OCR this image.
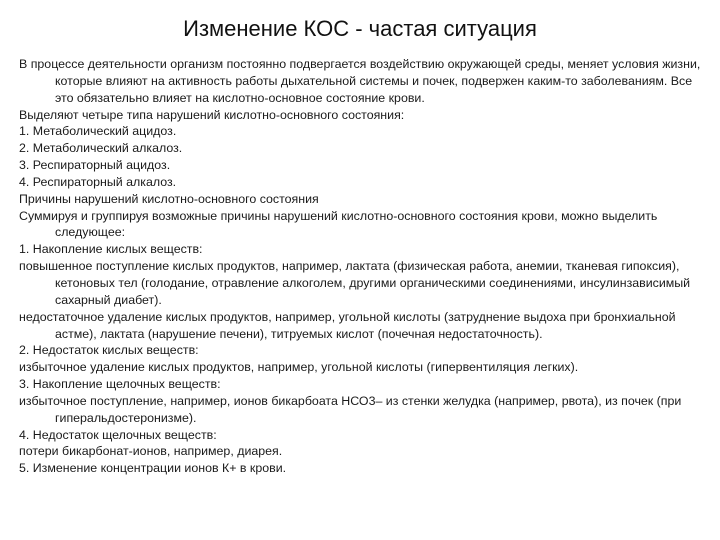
Изменение КОС - частая ситуация

В процессе деятельности организм постоянно подвергается воздействию окружающей среды, меняет условия жизни, которые влияют на активность работы дыхательной системы и почек, подвержен каким-то заболеваниям. Все это обязательно влияет на кислотно-основное состояние крови.

Выделяют четыре типа нарушений кислотно-основного состояния:

1. Метаболический ацидоз.

2. Метаболический алкалоз.

3. Респираторный ацидоз.

4. Респираторный алкалоз.

Причины нарушений кислотно-основного состояния

Суммируя и группируя возможные причины нарушений кислотно-основного состояния крови, можно выделить следующее:

1. Накопление кислых веществ:

повышенное поступление кислых продуктов, например, лактата (физическая работа, анемии, тканевая гипоксия), кетоновых тел (голодание, отравление алкоголем, другими органическими соединениями, инсулинзависимый сахарный диабет).

недостаточное удаление кислых продуктов, например, угольной кислоты (затруднение выдоха при бронхиальной астме), лактата (нарушение печени), титруемых кислот (почечная недостаточность).

2. Недостаток кислых веществ:

избыточное удаление кислых продуктов, например, угольной кислоты (гипервентиляция легких).

3. Накопление щелочных веществ:

избыточное поступление, например, ионов бикарбоата НСО3– из стенки желудка (например, рвота), из почек (при гиперальдостеронизме).

4. Недостаток щелочных веществ:

потери бикарбонат-ионов, например, диарея.

5. Изменение концентрации ионов К+ в крови.
